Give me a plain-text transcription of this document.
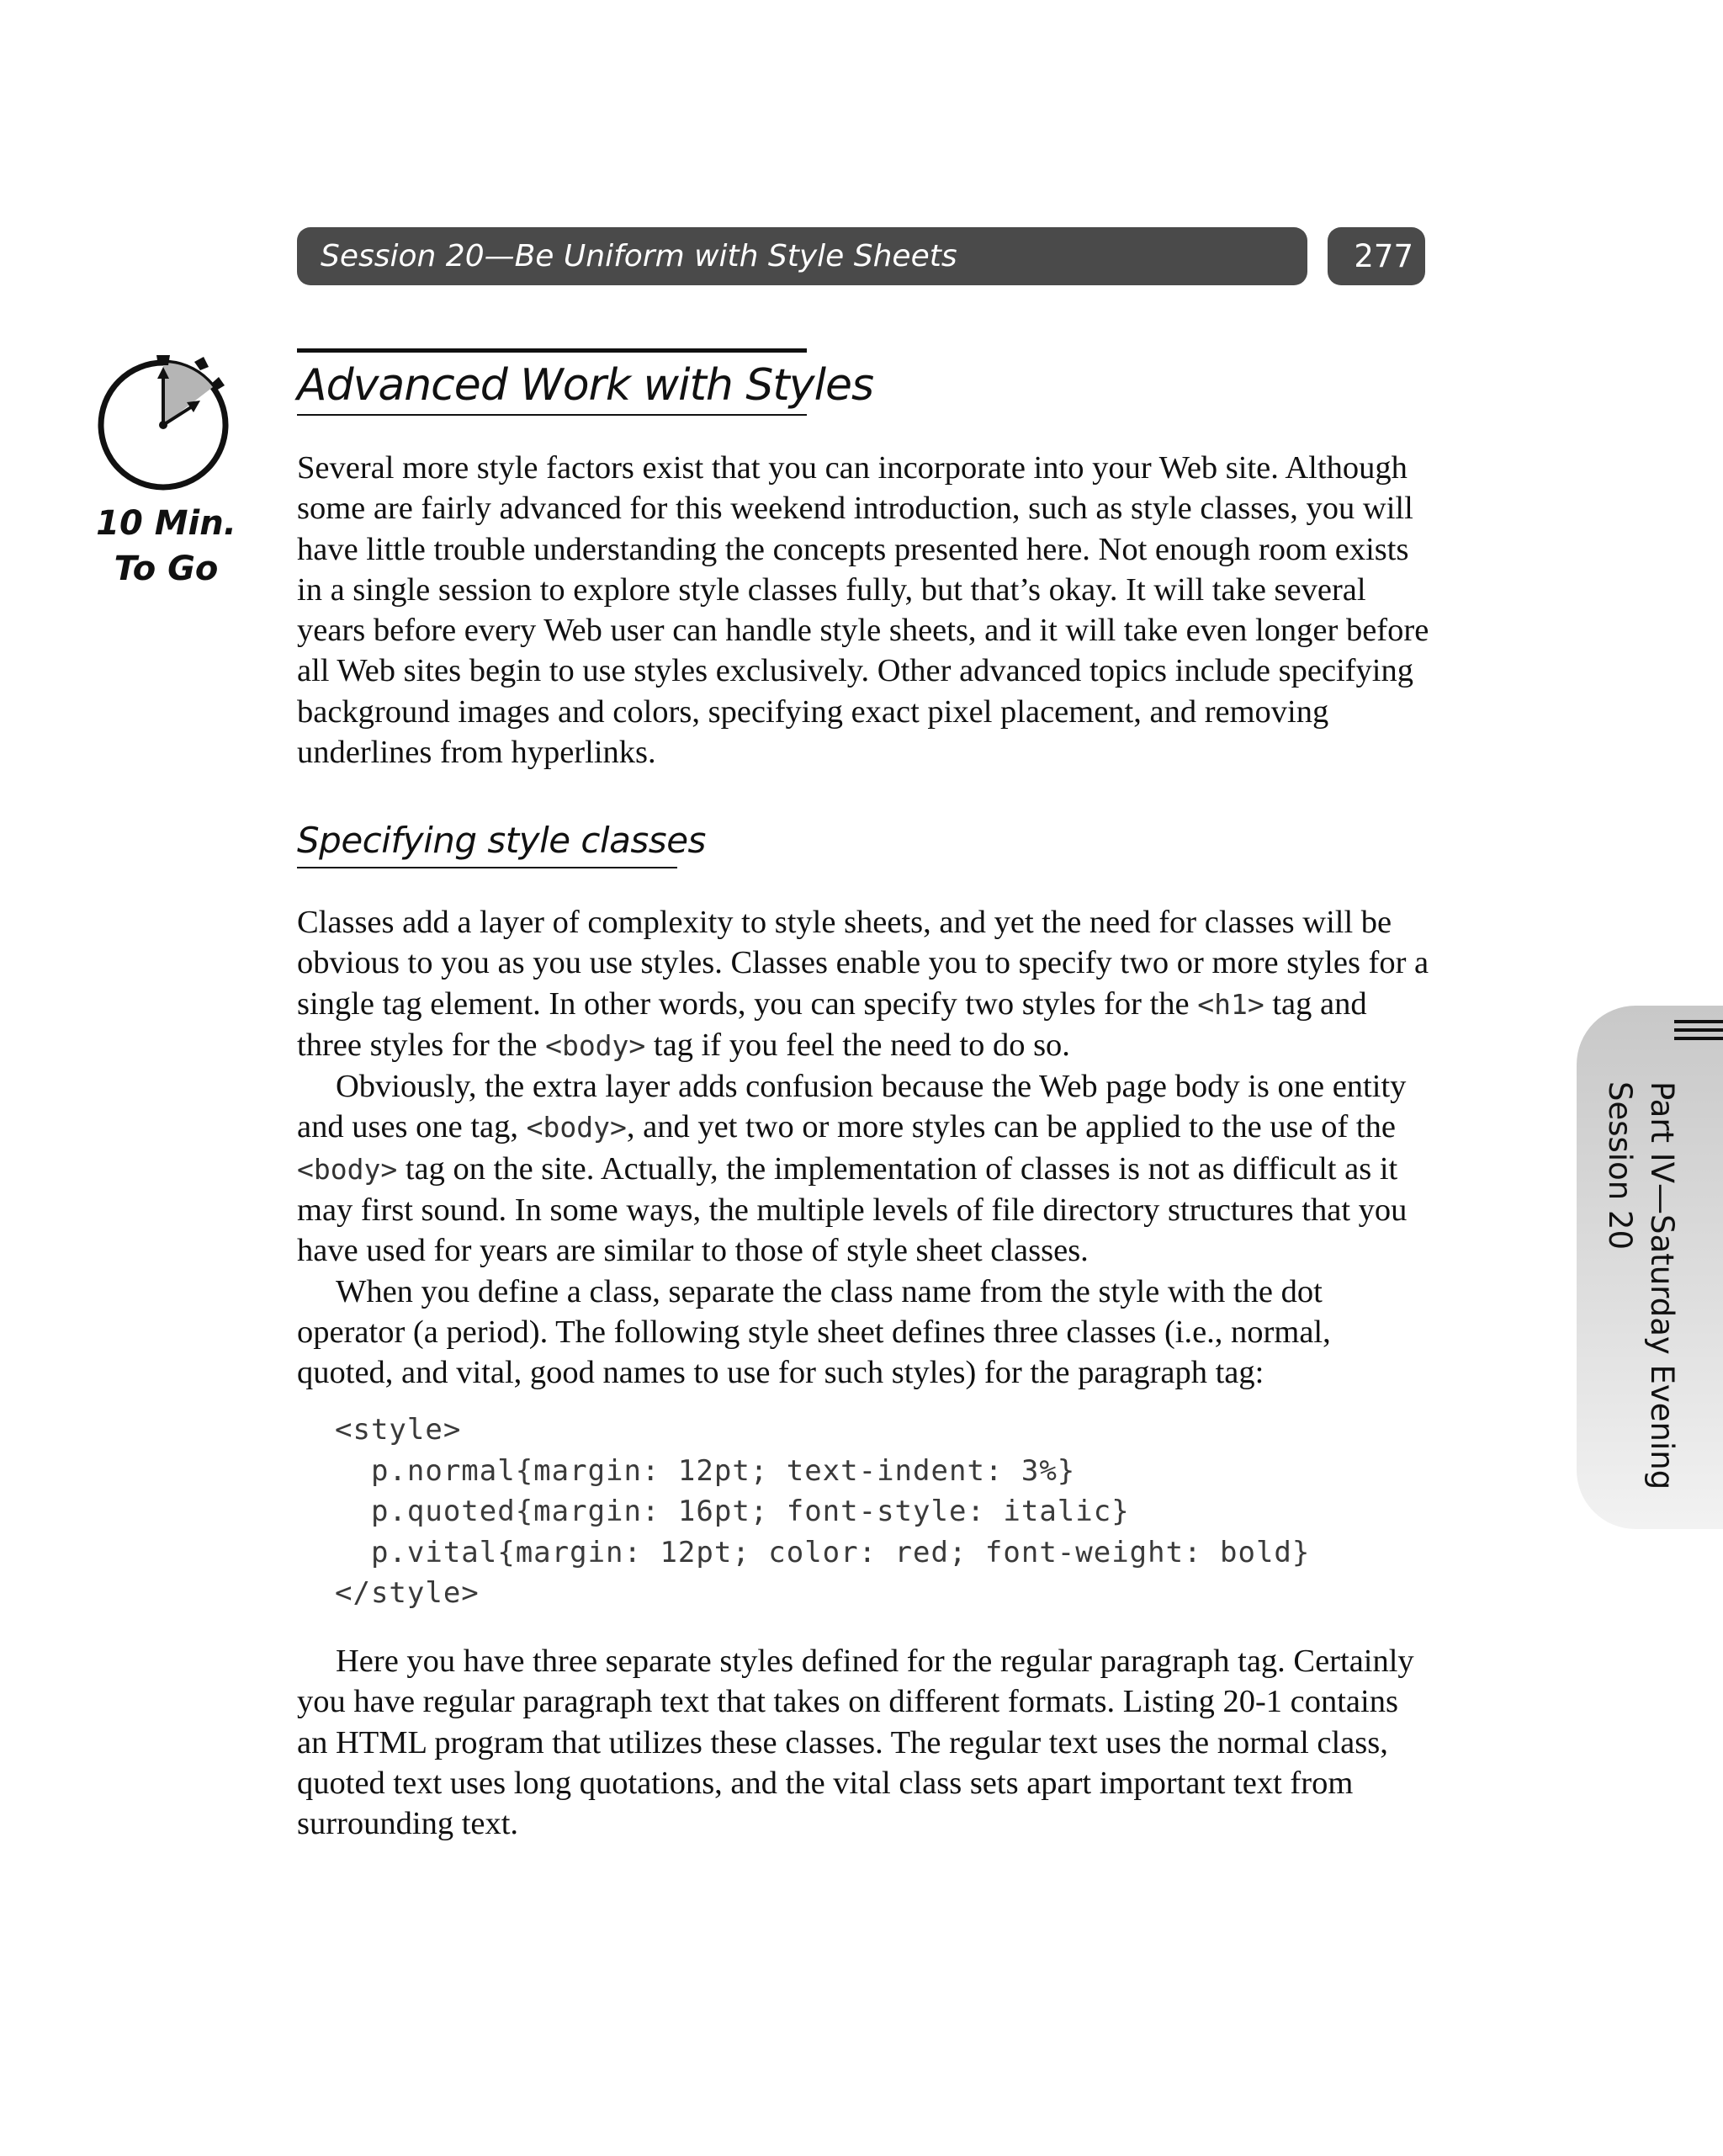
Session 20—Be Uniform with Style Sheets	277
10 Min.
To Go
Advanced Work with Styles

Several more style factors exist that you can incorporate into your Web site. Although some are fairly advanced for this weekend introduction, such as style classes, you will have little trouble understanding the concepts presented here. Not enough room exists in a single session to explore style classes fully, but that’s okay. It will take several years before every Web user can handle style sheets, and it will take even longer before all Web sites begin to use styles exclusively. Other advanced topics include specifying background images and colors, specifying exact pixel placement, and removing underlines from hyperlinks.

Specifying style classes

Classes add a layer of complexity to style sheets, and yet the need for classes will be obvious to you as you use styles. Classes enable you to specify two or more styles for a single tag element. In other words, you can specify two styles for the <h1> tag and three styles for the <body> tag if you feel the need to do so.

Obviously, the extra layer adds confusion because the Web page body is one entity and uses one tag, <body>, and yet two or more styles can be applied to the use of the <body> tag on the site. Actually, the implementation of classes is not as difficult as it may first sound. In some ways, the multiple levels of file directory structures that you have used for years are similar to those of style sheet classes.

When you define a class, separate the class name from the style with the dot operator (a period). The following style sheet defines three classes (i.e., normal, quoted, and vital, good names to use for such styles) for the paragraph tag:

<style>
p.normal{margin: 12pt; text-indent: 3%}
p.quoted{margin: 16pt; font-style: italic}
p.vital{margin: 12pt; color: red; font-weight: bold}
</style>

Here you have three separate styles defined for the regular paragraph tag. Certainly you have regular paragraph text that takes on different formats. Listing 20-1 contains an HTML program that utilizes these classes. The regular text uses the normal class, quoted text uses long quotations, and the vital class sets apart important text from surrounding text.

Part IV—Saturday Evening
Session 20
